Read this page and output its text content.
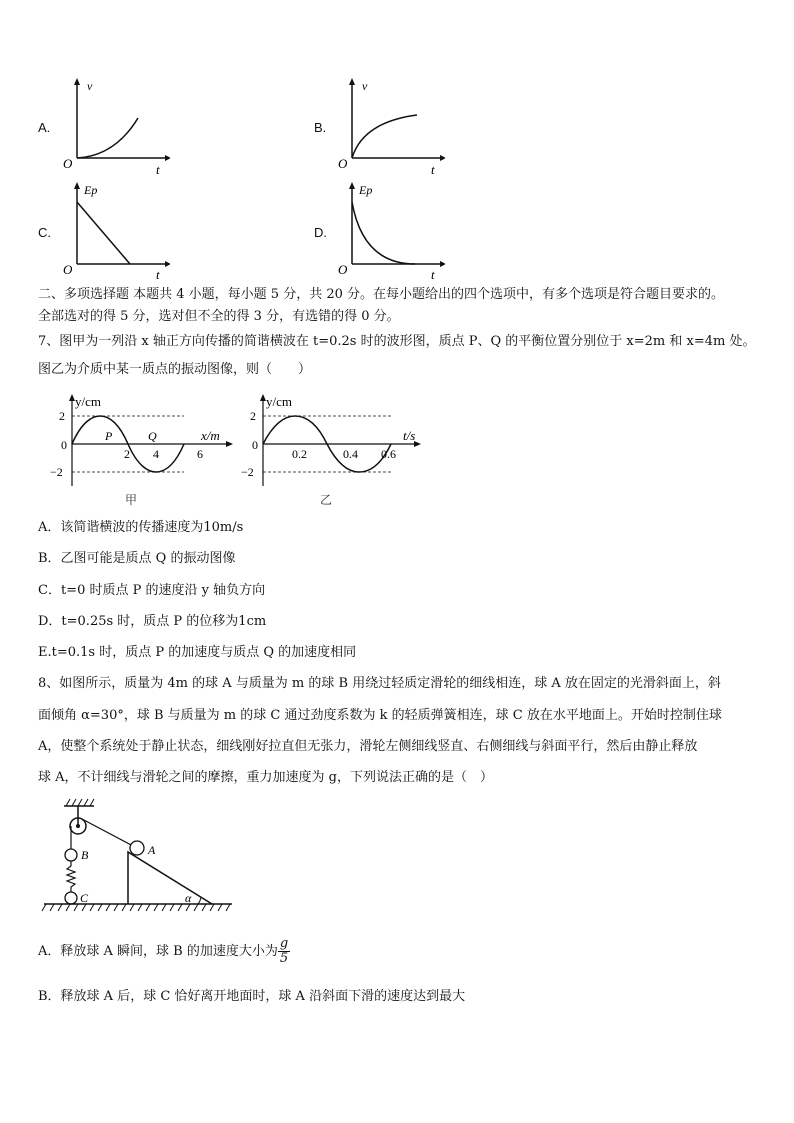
A.
v
t
O
B.
v
t
O
C.
Ep
t
O
D.
Ep
t
O
二、多项选择题 本题共 4 小题，每小题 5 分，共 20 分。在每小题给出的四个选项中，有多个选项是符合题目要求的。
全部选对的得 5 分，选对但不全的得 3 分，有选错的得 0 分。
7、图甲为一列沿 x 轴正方向传播的简谐横波在 t=0.2s 时的波形图，质点 P、Q 的平衡位置分别位于 x=2m 和 x=4m 处。
图乙为介质中某一质点的振动图像，则（　　）
P	Q
y/cm
x/m
2
0
−2
2 4	6
甲
y/cm
t/s
2
0
−2
0.2	0.4 0.6
乙
A．该简谐横波的传播速度为10m/s
B．乙图可能是质点 Q 的振动图像
C．t=0 时质点 P 的速度沿 y 轴负方向
D．t=0.25s 时，质点 P 的位移为1cm
E.t=0.1s 时，质点 P 的加速度与质点 Q 的加速度相同
8、如图所示，质量为 4m 的球 A 与质量为 m 的球 B 用绕过轻质定滑轮的细线相连，球 A 放在固定的光滑斜面上，斜
面倾角 α=30°，球 B 与质量为 m 的球 C 通过劲度系数为 k 的轻质弹簧相连，球 C 放在水平地面上。开始时控制住球
A，使整个系统处于静止状态，细线刚好拉直但无张力，滑轮左侧细线竖直、右侧细线与斜面平行，然后由静止释放
球 A，不计细线与滑轮之间的摩擦，重力加速度为 g，下列说法正确的是（　）
B
C	α
A
A．释放球 A 瞬间，球 B 的加速度大小为 $\frac{g}{5}$
B．释放球 A 后，球 C 恰好离开地面时，球 A 沿斜面下滑的速度达到最大
